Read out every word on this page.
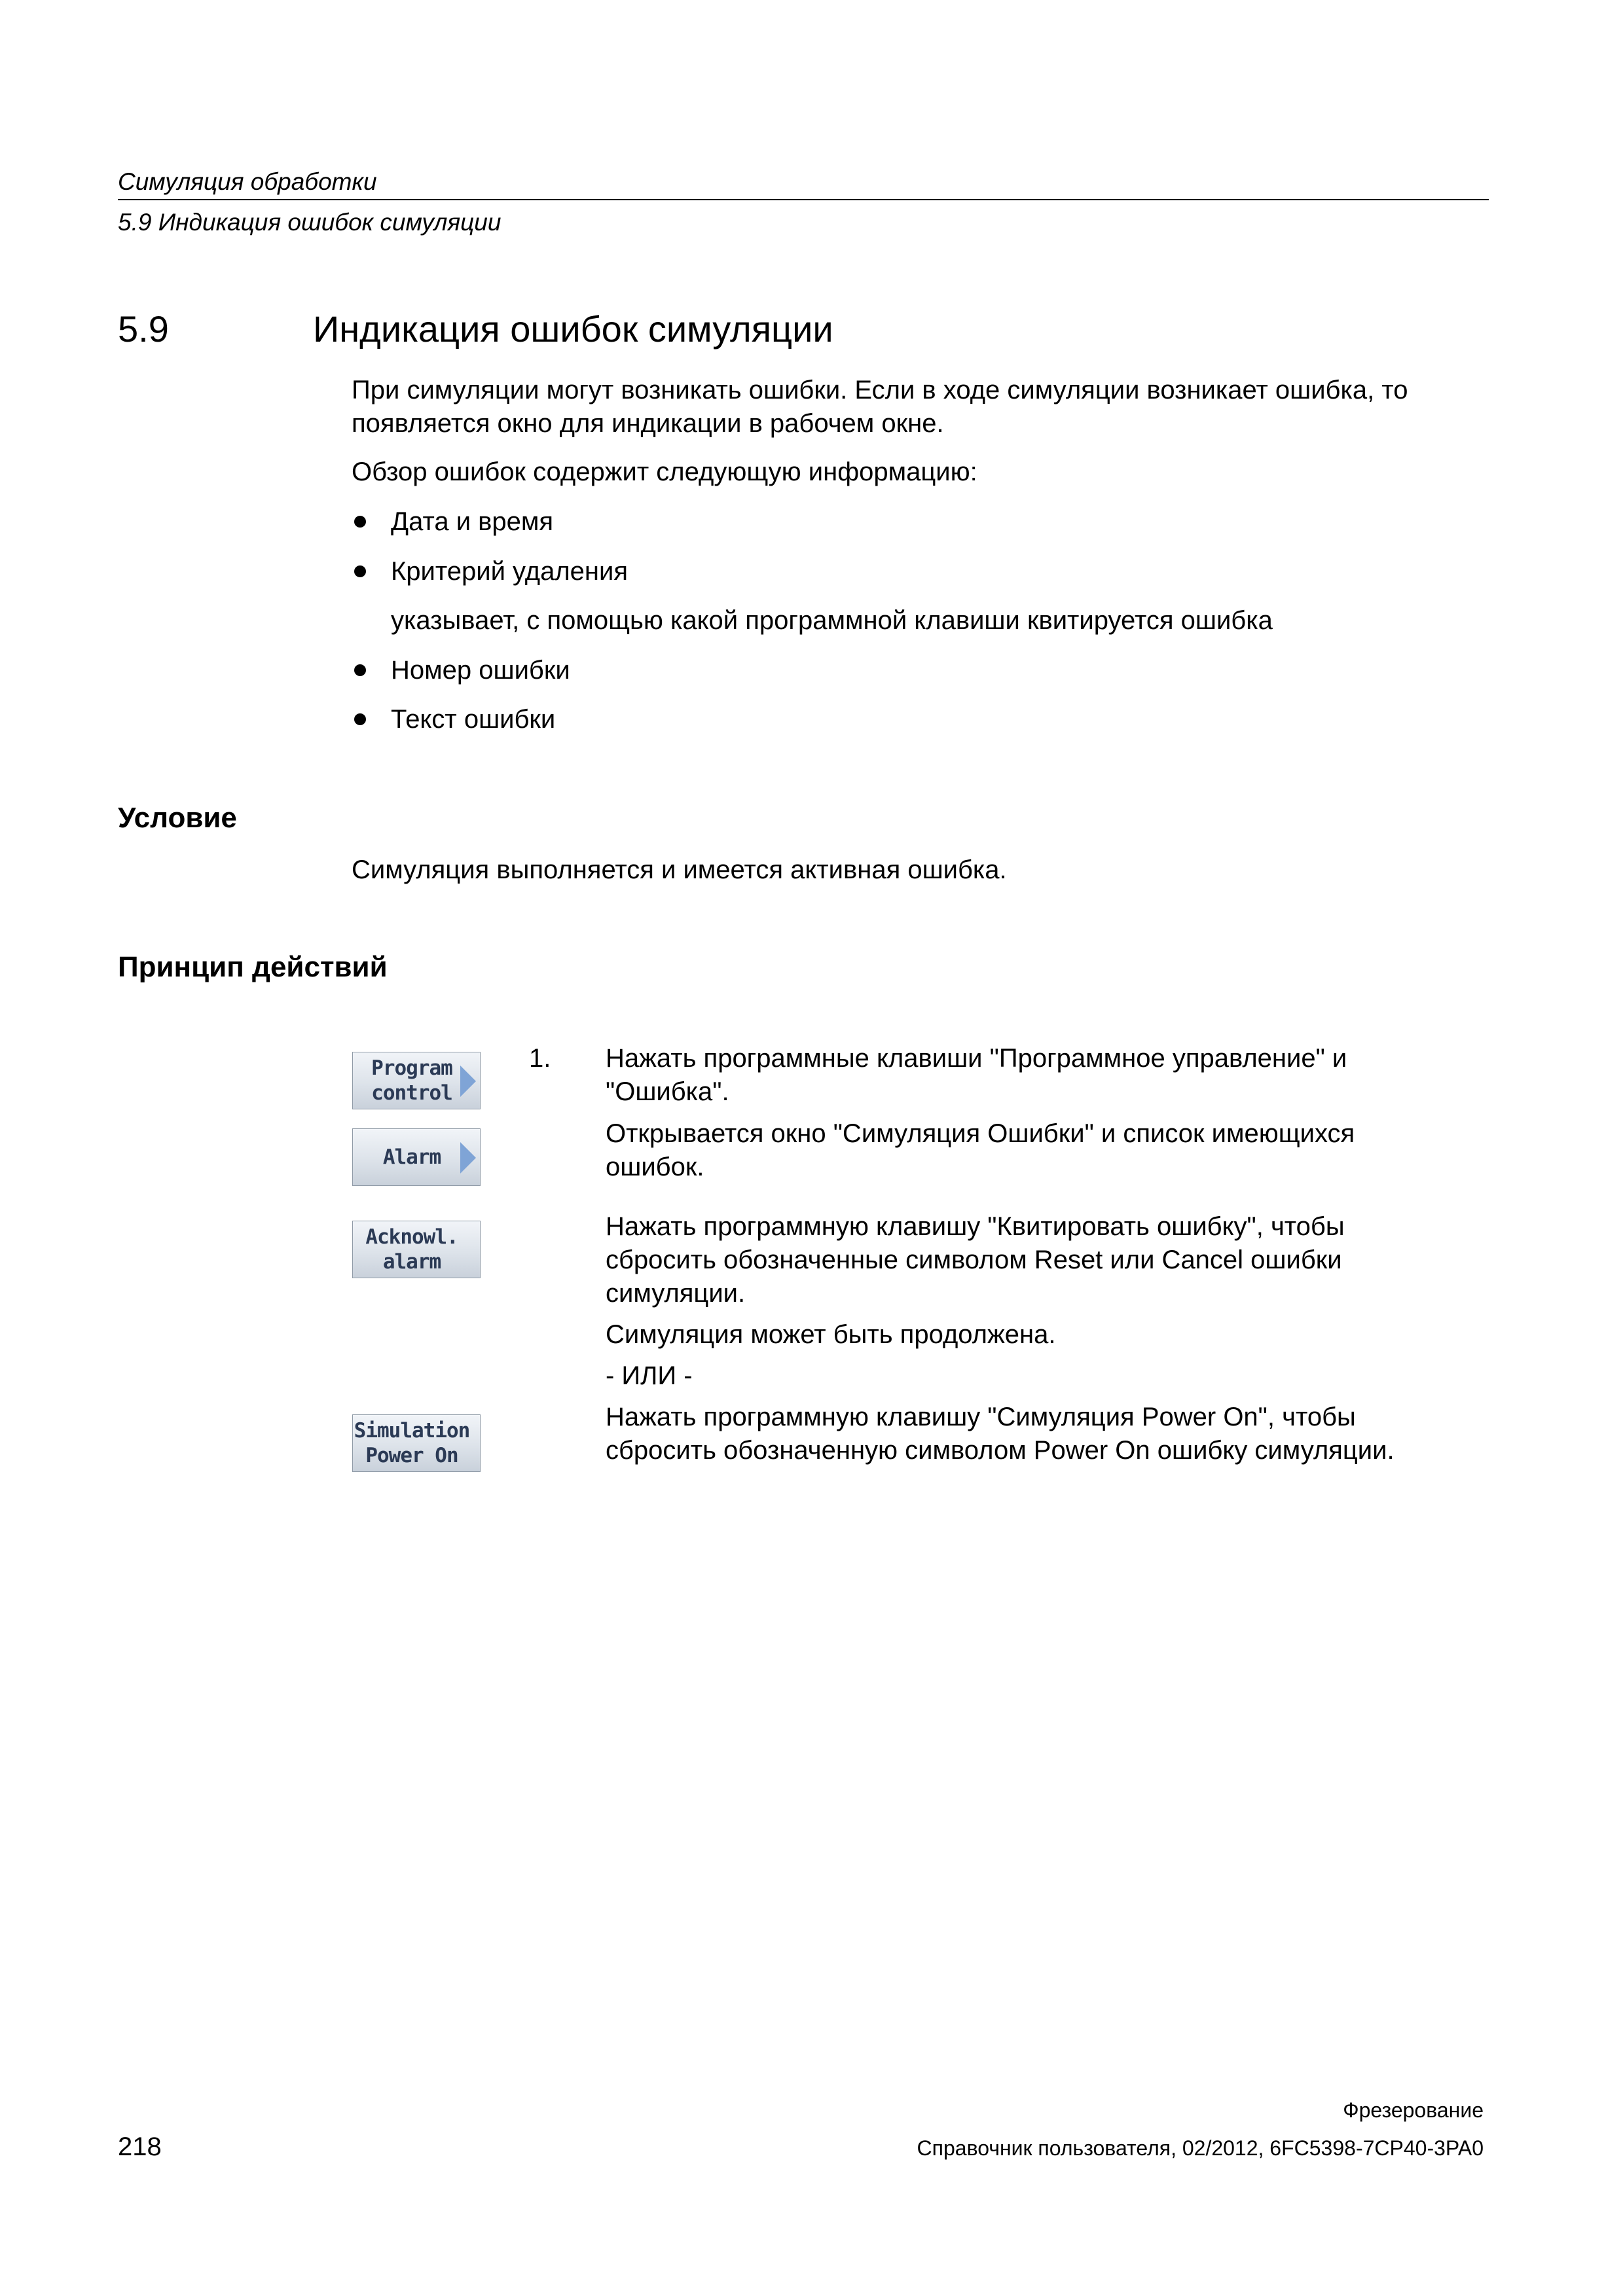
Симуляция обработки
5.9 Индикация ошибок симуляции
5.9	Индикация ошибок симуляции
При симуляции могут возникать ошибки. Если в ходе симуляции возникает ошибка, то
появляется окно для индикации в рабочем окне.
Обзор ошибок содержит следующую информацию:
Дата и время
Критерий удаления
указывает, с помощью какой программной клавиши квитируется ошибка
Номер ошибки
Текст ошибки
Условие
Симуляция выполняется и имеется активная ошибка.
Принцип действий
Program
control
Alarm
Acknowl.
alarm
Simulation
Power On
1. Нажать программные клавиши "Программное управление" и
"Ошибка".
Открывается окно "Симуляция Ошибки" и список имеющихся
ошибок.
Нажать программную клавишу "Квитировать ошибку", чтобы
сбросить обозначенные символом Reset или Cancel ошибки
симуляции.
Симуляция может быть продолжена.
- ИЛИ -
Нажать программную клавишу "Симуляция Power On", чтобы
сбросить обозначенную символом Power On ошибку симуляции.
Фрезерование
218	Справочник пользователя, 02/2012, 6FC5398-7CP40-3PA0
